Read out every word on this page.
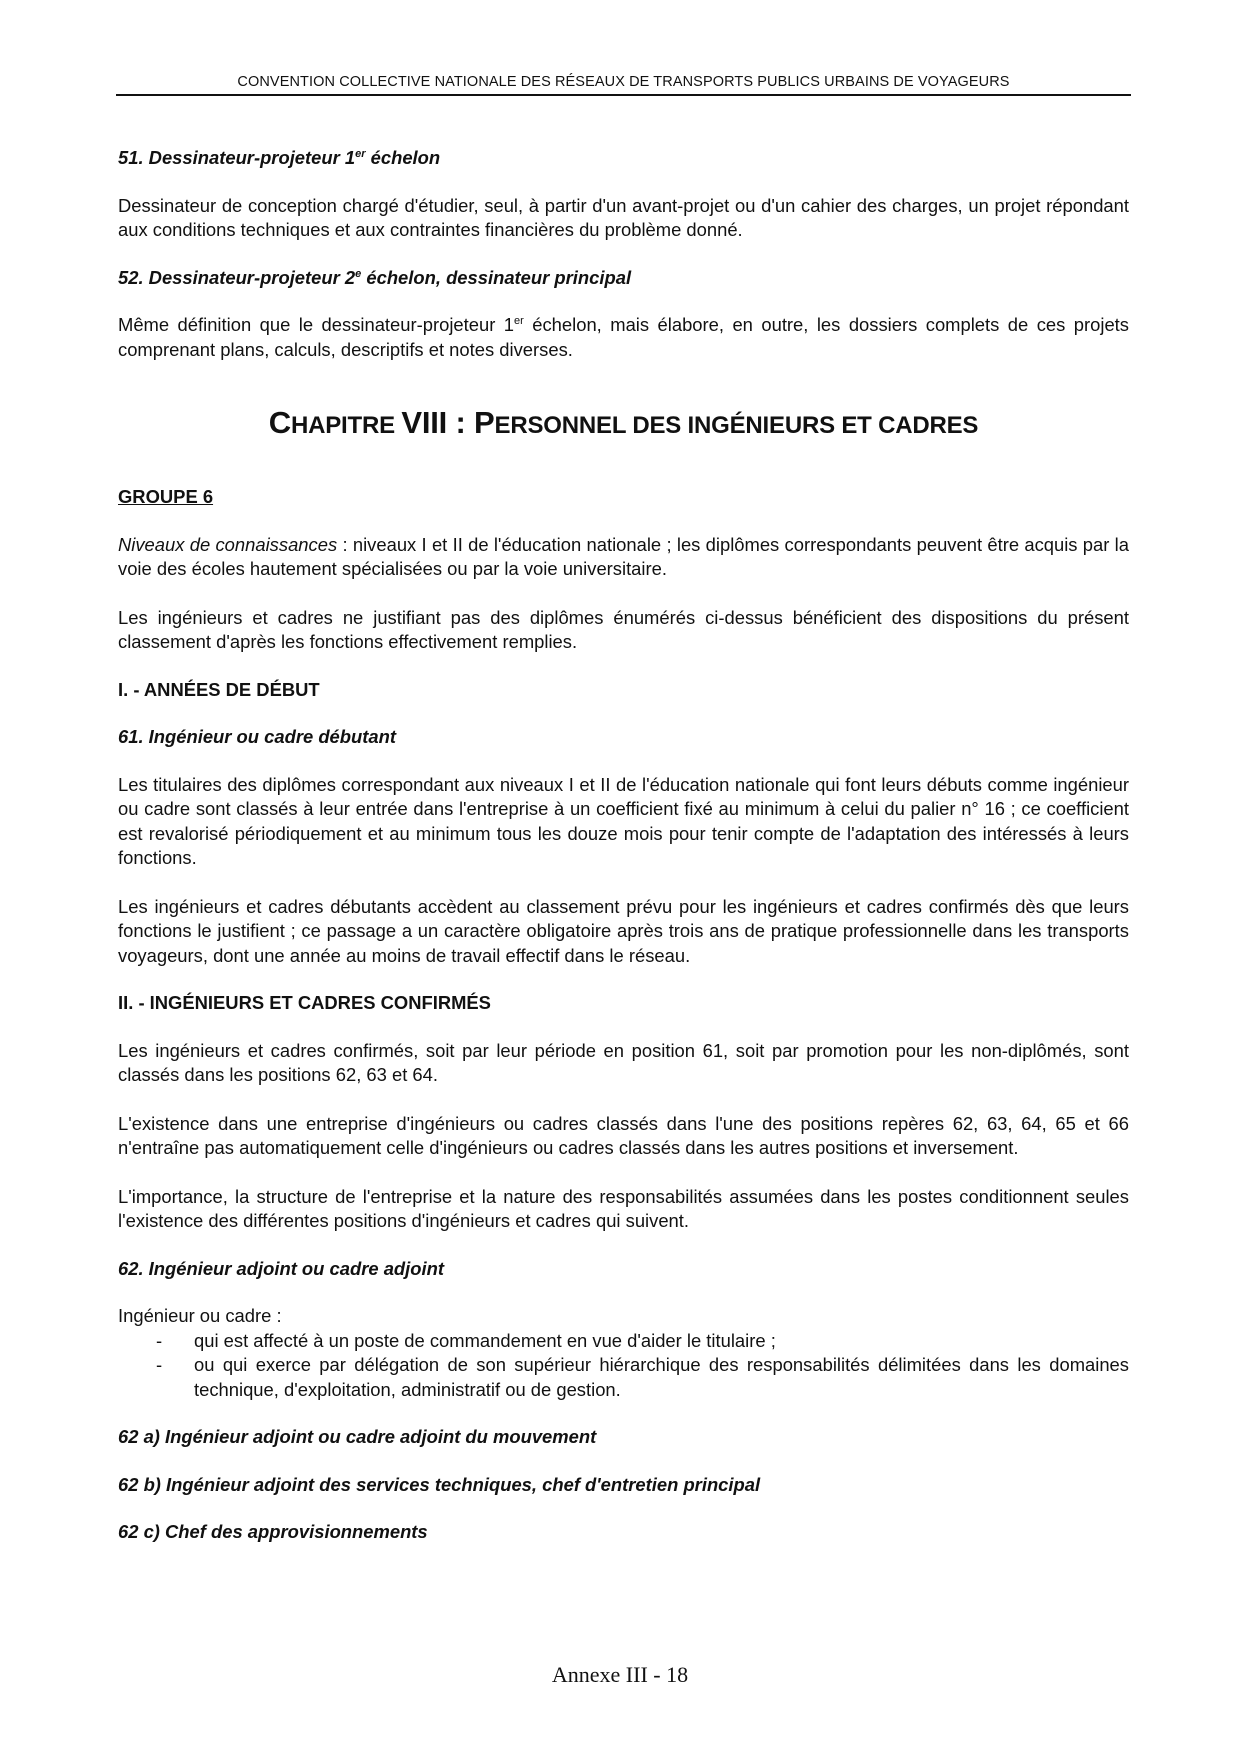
CONVENTION COLLECTIVE NATIONALE DES RÉSEAUX DE TRANSPORTS PUBLICS URBAINS DE VOYAGEURS

51. Dessinateur-projeteur 1er échelon

Dessinateur de conception chargé d'étudier, seul, à partir d'un avant-projet ou d'un cahier des charges, un projet répondant aux conditions techniques et aux contraintes financières du problème donné.

52. Dessinateur-projeteur 2e échelon, dessinateur principal

Même définition que le dessinateur-projeteur 1er échelon, mais élabore, en outre, les dossiers complets de ces projets comprenant plans, calculs, descriptifs et notes diverses.

CHAPITRE VIII : PERSONNEL DES INGÉNIEURS ET CADRES

GROUPE 6

Niveaux de connaissances : niveaux I et II de l'éducation nationale ; les diplômes correspondants peuvent être acquis par la voie des écoles hautement spécialisées ou par la voie universitaire.

Les ingénieurs et cadres ne justifiant pas des diplômes énumérés ci-dessus bénéficient des dispositions du présent classement d'après les fonctions effectivement remplies.

I. - ANNÉES DE DÉBUT

61. Ingénieur ou cadre débutant

Les titulaires des diplômes correspondant aux niveaux I et II de l'éducation nationale qui font leurs débuts comme ingénieur ou cadre sont classés à leur entrée dans l'entreprise à un coefficient fixé au minimum à celui du palier n° 16 ; ce coefficient est revalorisé périodiquement et au minimum tous les douze mois pour tenir compte de l'adaptation des intéressés à leurs fonctions.

Les ingénieurs et cadres débutants accèdent au classement prévu pour les ingénieurs et cadres confirmés dès que leurs fonctions le justifient ; ce passage a un caractère obligatoire après trois ans de pratique professionnelle dans les transports voyageurs, dont une année au moins de travail effectif dans le réseau.

II. - INGÉNIEURS ET CADRES CONFIRMÉS

Les ingénieurs et cadres confirmés, soit par leur période en position 61, soit par promotion pour les non-diplômés, sont classés dans les positions 62, 63 et 64.

L'existence dans une entreprise d'ingénieurs ou cadres classés dans l'une des positions repères 62, 63, 64, 65 et 66 n'entraîne pas automatiquement celle d'ingénieurs ou cadres classés dans les autres positions et inversement.

L'importance, la structure de l'entreprise et la nature des responsabilités assumées dans les postes conditionnent seules l'existence des différentes positions d'ingénieurs et cadres qui suivent.

62. Ingénieur adjoint ou cadre adjoint

Ingénieur ou cadre :

- qui est affecté à un poste de commandement en vue d'aider le titulaire ;
- ou qui exerce par délégation de son supérieur hiérarchique des responsabilités délimitées dans les domaines technique, d'exploitation, administratif ou de gestion.

62 a) Ingénieur adjoint ou cadre adjoint du mouvement

62 b) Ingénieur adjoint des services techniques, chef d'entretien principal

62 c) Chef des approvisionnements

Annexe III - 18
